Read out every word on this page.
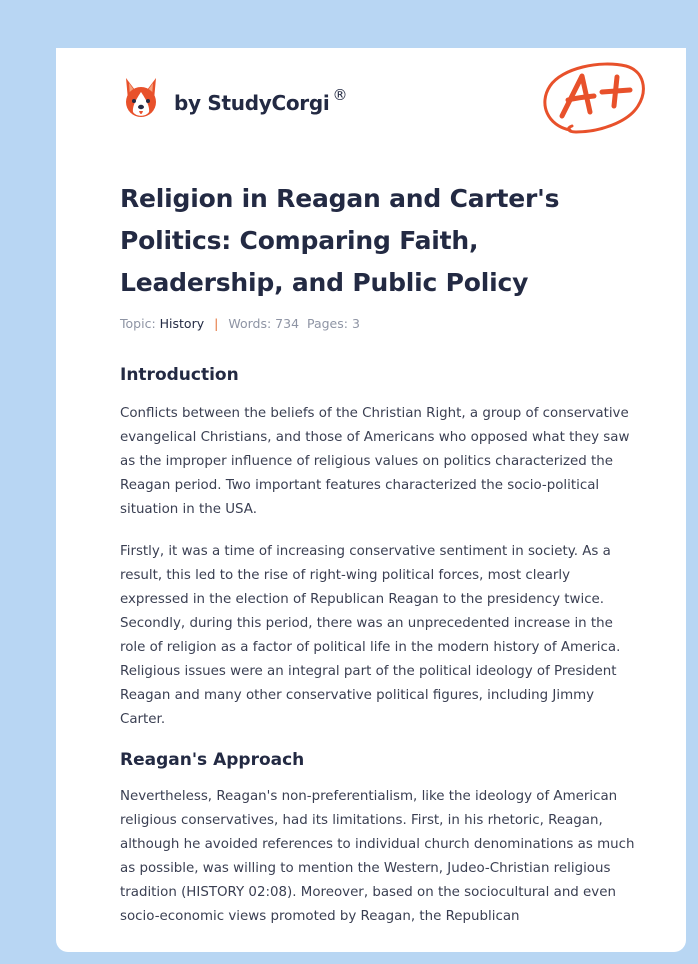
by StudyCorgi ®
Religion in Reagan and Carter's Politics: Comparing Faith, Leadership, and Public Policy
Topic: History | Words: 734 Pages: 3
Introduction

Conflicts between the beliefs of the Christian Right, a group of conservative evangelical Christians, and those of Americans who opposed what they saw as the improper influence of religious values on politics characterized the Reagan period. Two important features characterized the socio-political situation in the USA.

Firstly, it was a time of increasing conservative sentiment in society. As a result, this led to the rise of right-wing political forces, most clearly expressed in the election of Republican Reagan to the presidency twice. Secondly, during this period, there was an unprecedented increase in the role of religion as a factor of political life in the modern history of America. Religious issues were an integral part of the political ideology of President Reagan and many other conservative political figures, including Jimmy Carter.

Reagan's Approach

Nevertheless, Reagan's non-preferentialism, like the ideology of American religious conservatives, had its limitations. First, in his rhetoric, Reagan, although he avoided references to individual church denominations as much as possible, was willing to mention the Western, Judeo-Christian religious tradition (HISTORY 02:08). Moreover, based on the sociocultural and even socio-economic views promoted by Reagan, the Republican
